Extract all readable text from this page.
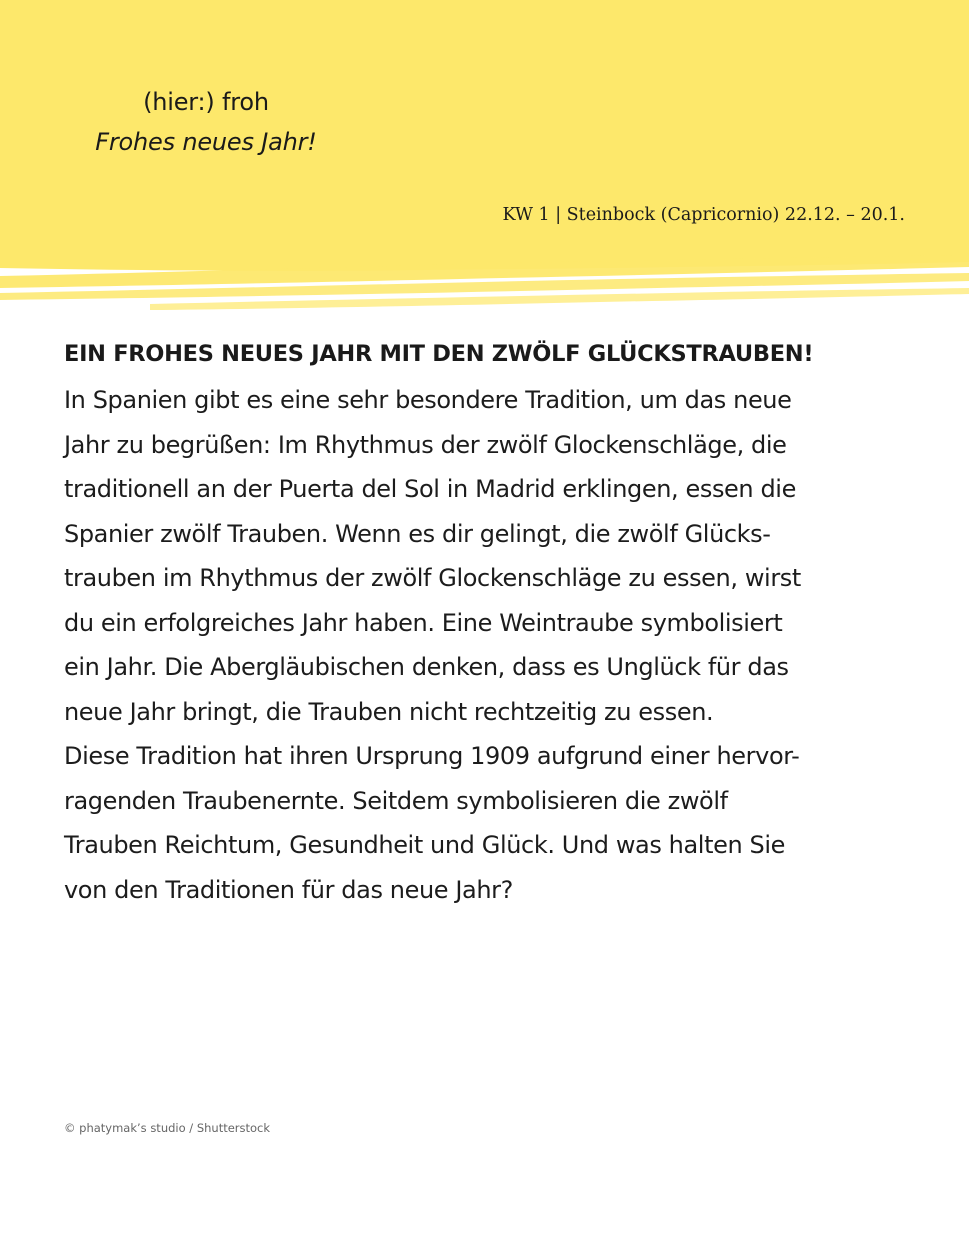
(hier:) froh

Frohes neues Jahr!

KW 1 | Steinbock (Capricornio) 22.12. – 20.1.
EIN FROHES NEUES JAHR MIT DEN ZWÖLF GLÜCKSTRAUBEN!

In Spanien gibt es eine sehr besondere Tradition, um das neue
Jahr zu begrüßen: Im Rhythmus der zwölf Glockenschläge, die
traditionell an der Puerta del Sol in Madrid erklingen, essen die
Spanier zwölf Trauben. Wenn es dir gelingt, die zwölf Glücks-
trauben im Rhythmus der zwölf Glockenschläge zu essen, wirst
du ein erfolgreiches Jahr haben. Eine Weintraube symbolisiert
ein Jahr. Die Abergläubischen denken, dass es Unglück für das
neue Jahr bringt, die Trauben nicht rechtzeitig zu essen.
Diese Tradition hat ihren Ursprung 1909 aufgrund einer hervor-
ragenden Traubenernte. Seitdem symbolisieren die zwölf
Trauben Reichtum, Gesundheit und Glück. Und was halten Sie
von den Traditionen für das neue Jahr?

© phatymak’s studio / Shutterstock
